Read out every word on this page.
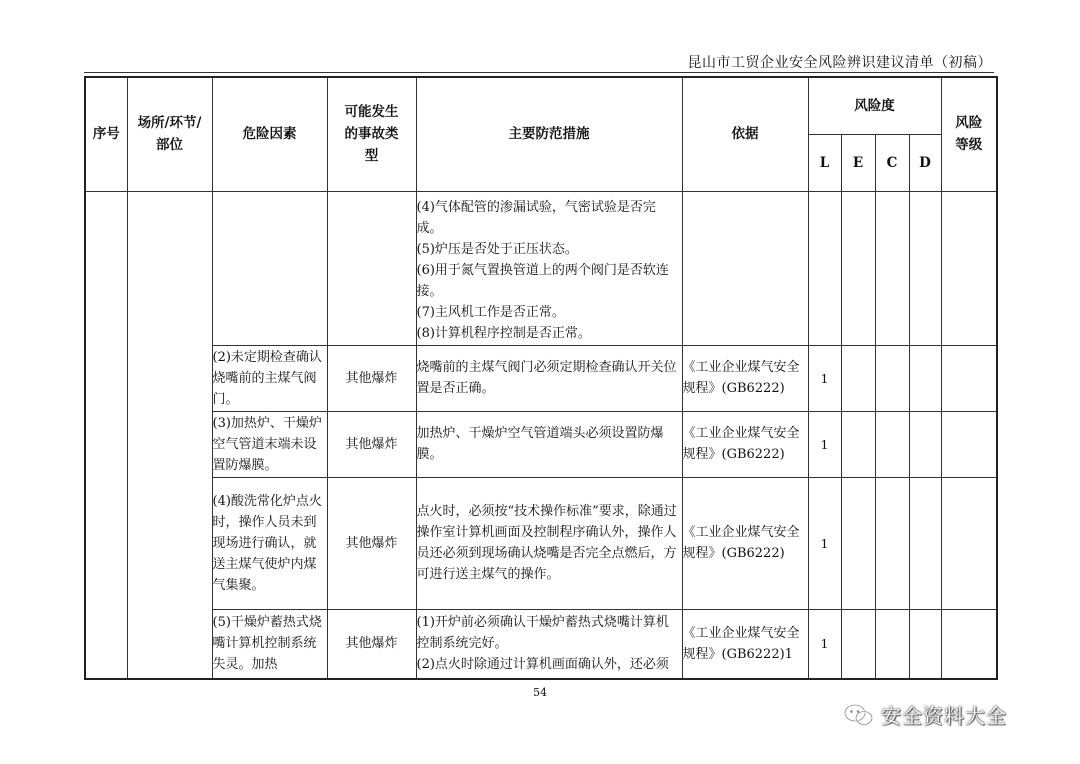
昆山市工贸企业安全风险辨识建议清单（初稿）
序号	场所/环节/部位	危险因素	可能发生的事故类型	主要防范措施	依据	风险度				风险等级
						L	E	C	D	

				(4)气体配管的渗漏试验，气密试验是否完成。
(5)炉压是否处于正压状态。
(6)用于氮气置换管道上的两个阀门是否软连接。
(7)主风机工作是否正常。
(8)计算机程序控制是否正常。						

		(2)未定期检查确认烧嘴前的主煤气阀门。	其他爆炸	烧嘴前的主煤气阀门必须定期检查确认开关位置是否正确。	《工业企业煤气安全规程》(GB6222)	1				
		(3)加热炉、干燥炉空气管道末端未设置防爆膜。	其他爆炸	加热炉、干燥炉空气管道端头必须设置防爆膜。	《工业企业煤气安全规程》(GB6222)	1				
		(4)酸洗常化炉点火时，操作人员未到现场进行确认，就送主煤气使炉内煤气集聚。	其他爆炸	点火时，必须按“技术操作标准”要求，除通过操作室计算机画面及控制程序确认外，操作人员还必须到现场确认烧嘴是否完全点燃后，方可进行送主煤气的操作。	《工业企业煤气安全规程》(GB6222)	1				
		(5)干燥炉蓄热式烧嘴计算机控制系统失灵。加热	其他爆炸	(1)开炉前必须确认干燥炉蓄热式烧嘴计算机控制系统完好。
(2)点火时除通过计算机画面确认外，还必须	《工业企业煤气安全规程》(GB6222)1	1				
54
安全资料大全
